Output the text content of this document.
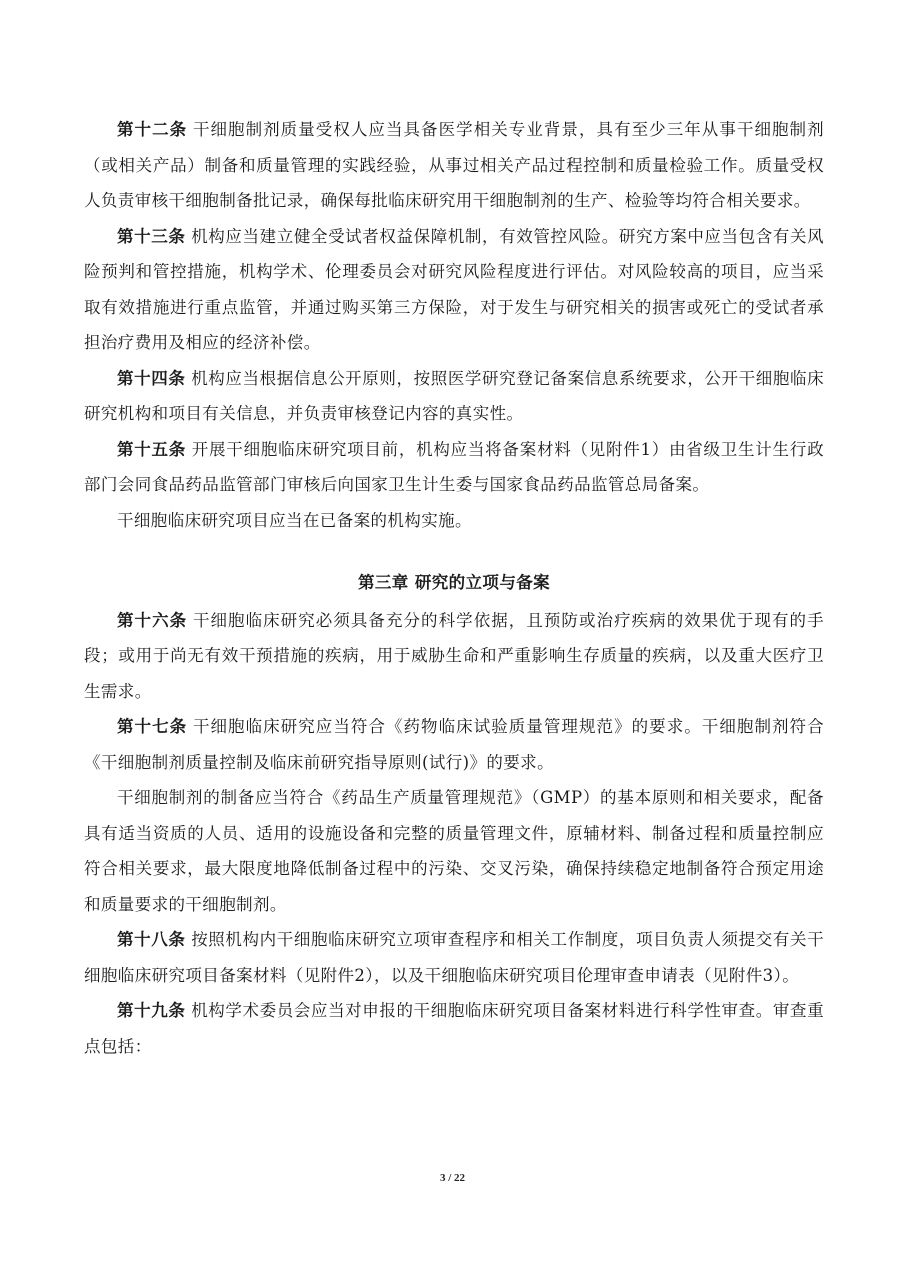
第十二条 干细胞制剂质量受权人应当具备医学相关专业背景，具有至少三年从事干细胞制剂（或相关产品）制备和质量管理的实践经验，从事过相关产品过程控制和质量检验工作。质量受权人负责审核干细胞制备批记录，确保每批临床研究用干细胞制剂的生产、检验等均符合相关要求。

第十三条 机构应当建立健全受试者权益保障机制，有效管控风险。研究方案中应当包含有关风险预判和管控措施，机构学术、伦理委员会对研究风险程度进行评估。对风险较高的项目，应当采取有效措施进行重点监管，并通过购买第三方保险，对于发生与研究相关的损害或死亡的受试者承担治疗费用及相应的经济补偿。

第十四条 机构应当根据信息公开原则，按照医学研究登记备案信息系统要求，公开干细胞临床研究机构和项目有关信息，并负责审核登记内容的真实性。

第十五条 开展干细胞临床研究项目前，机构应当将备案材料（见附件1）由省级卫生计生行政部门会同食品药品监管部门审核后向国家卫生计生委与国家食品药品监管总局备案。

干细胞临床研究项目应当在已备案的机构实施。

第三章 研究的立项与备案

第十六条 干细胞临床研究必须具备充分的科学依据，且预防或治疗疾病的效果优于现有的手段；或用于尚无有效干预措施的疾病，用于威胁生命和严重影响生存质量的疾病，以及重大医疗卫生需求。

第十七条 干细胞临床研究应当符合《药物临床试验质量管理规范》的要求。干细胞制剂符合《干细胞制剂质量控制及临床前研究指导原则(试行)》的要求。

干细胞制剂的制备应当符合《药品生产质量管理规范》（GMP）的基本原则和相关要求，配备具有适当资质的人员、适用的设施设备和完整的质量管理文件，原辅材料、制备过程和质量控制应符合相关要求，最大限度地降低制备过程中的污染、交叉污染，确保持续稳定地制备符合预定用途和质量要求的干细胞制剂。

第十八条 按照机构内干细胞临床研究立项审查程序和相关工作制度，项目负责人须提交有关干细胞临床研究项目备案材料（见附件2），以及干细胞临床研究项目伦理审查申请表（见附件3）。

第十九条 机构学术委员会应当对申报的干细胞临床研究项目备案材料进行科学性审查。审查重点包括：

3 / 22
